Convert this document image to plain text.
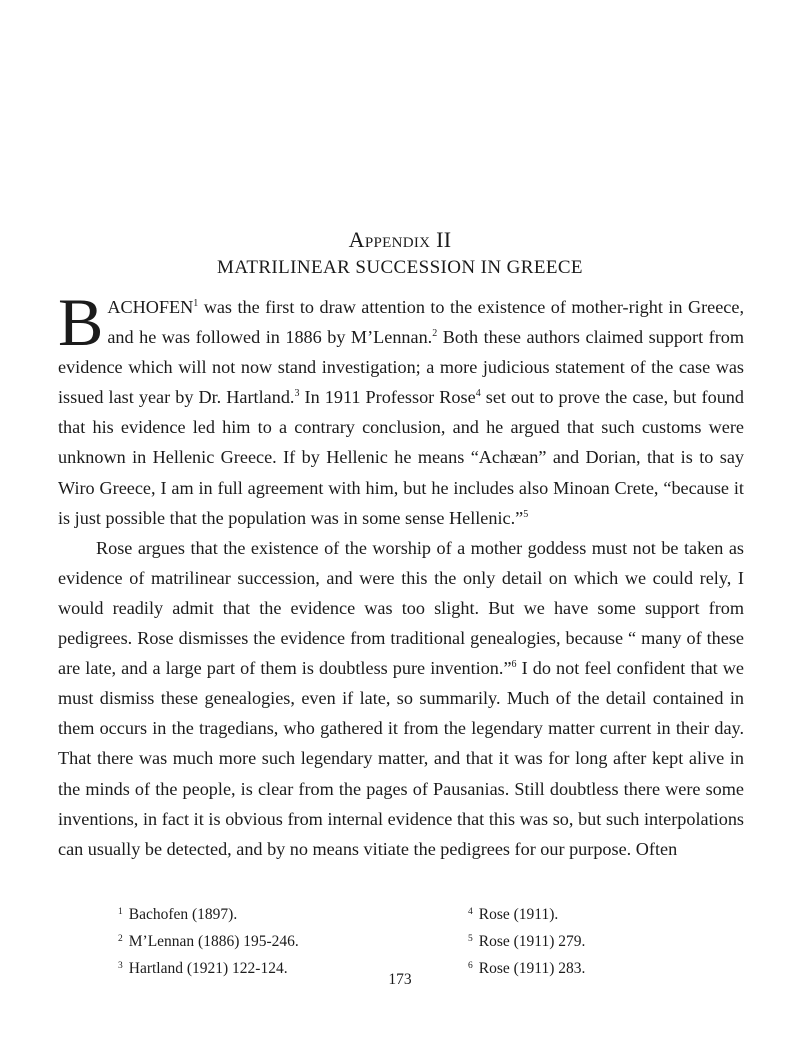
Appendix II
MATRILINEAR SUCCESSION IN GREECE

BACHOFEN$^1$ was the first to draw attention to the existence of mother-right in Greece, and he was followed in 1886 by M’Lennan.$^2$ Both these authors claimed support from evidence which will not now stand investigation; a more judicious statement of the case was issued last year by Dr. Hartland.$^3$ In 1911 Professor Rose$^4$ set out to prove the case, but found that his evidence led him to a contrary conclusion, and he argued that such customs were unknown in Hellenic Greece. If by Hellenic he means “Achæan” and Dorian, that is to say Wiro Greece, I am in full agreement with him, but he includes also Minoan Crete, “because it is just possible that the population was in some sense Hellenic.”$^5$

Rose argues that the existence of the worship of a mother goddess must not be taken as evidence of matrilinear succession, and were this the only detail on which we could rely, I would readily admit that the evidence was too slight. But we have some support from pedigrees. Rose dismisses the evidence from traditional genealogies, because “ many of these are late, and a large part of them is doubtless pure invention.”$^6$ I do not feel confident that we must dismiss these genealogies, even if late, so summarily. Much of the detail contained in them occurs in the tragedians, who gathered it from the legendary matter current in their day. That there was much more such legendary matter, and that it was for long after kept alive in the minds of the people, is clear from the pages of Pausanias. Still doubtless there were some inventions, in fact it is obvious from internal evidence that this was so, but such interpolations can usually be detected, and by no means vitiate the pedigrees for our purpose. Often

$^1$ Bachofen (1897).
$^2$ M’Lennan (1886) 195-246.
$^3$ Hartland (1921) 122-124.
$^4$ Rose (1911).
$^5$ Rose (1911) 279.
$^6$ Rose (1911) 283.
173
